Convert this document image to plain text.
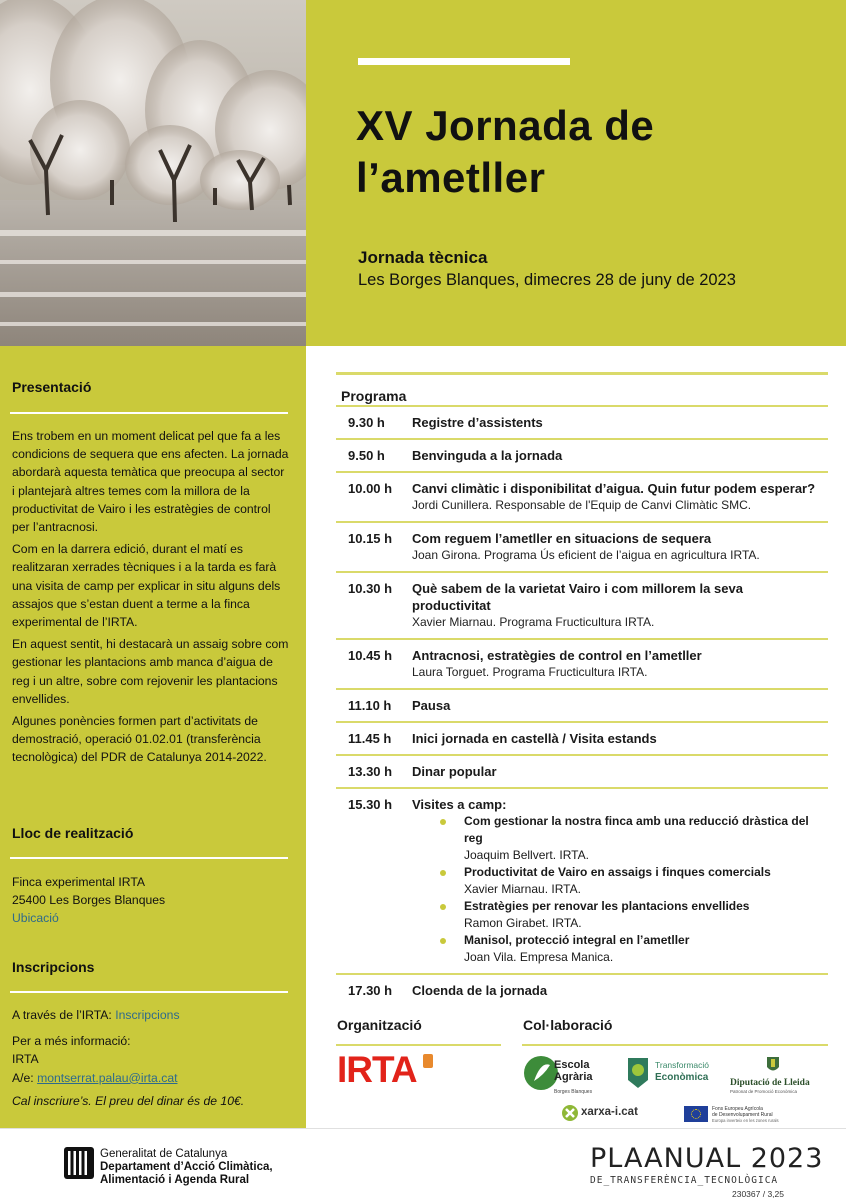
XV Jornada de
l’ametller
Jornada tècnica
Les Borges Blanques, dimecres 28 de juny de 2023
Presentació

Ens trobem en un moment delicat pel que fa a les condicions de sequera que ens afecten. La jornada abordarà aquesta temàtica que preocupa al sector i plantejarà altres temes com la millora de la productivitat de Vairo i les estratègies de control per l’antracnosi.

Com en la darrera edició, durant el matí es realitzaran xerrades tècniques i a la tarda es farà una visita de camp per explicar in situ alguns dels assajos que s’estan duent a terme a la finca experimental de l’IRTA.

En aquest sentit, hi destacarà un assaig sobre com gestionar les plantacions amb manca d’aigua de reg i un altre, sobre com rejovenir les plantacions envellides.

Algunes ponències formen part d’activitats de demostració, operació 01.02.01 (transferència tecnològica) del PDR de Catalunya 2014-2022.

Lloc de realització
Finca experimental IRTA
25400 Les Borges Blanques
Ubicació
Inscripcions
A través de l’IRTA: Inscripcions
Per a més informació:
IRTA
A/e: montserrat.palau@irta.cat
Cal inscriure’s. El preu del dinar és de 10€.
Programa
9.30 h Registre d’assistents
9.50 h Benvinguda a la jornada
10.00 h Canvi climàtic i disponibilitat d’aigua. Quin futur podem esperar?
Jordi Cunillera. Responsable de l'Equip de Canvi Climàtic SMC.
10.15 h Com reguem l’ametller en situacions de sequera
Joan Girona. Programa Ús eficient de l’aigua en agricultura IRTA.
10.30 h Què sabem de la varietat Vairo i com millorem la seva productivitat
Xavier Miarnau. Programa Fructicultura IRTA.
10.45 h Antracnosi, estratègies de control en l’ametller
Laura Torguet. Programa Fructicultura IRTA.
11.10 h Pausa
11.45 h Inici jornada en castellà / Visita estands
13.30 h Dinar popular
15.30 h Visites a camp:
Com gestionar la nostra finca amb una reducció dràstica del reg
Joaquim Bellvert. IRTA.
Productivitat de Vairo en assaigs i finques comercials
Xavier Miarnau. IRTA.
Estratègies per renovar les plantacions envellides
Ramon Girabet. IRTA.
Manisol, protecció integral en l’ametller
Joan Vila. Empresa Manica.
17.30 h Cloenda de la jornada
Organització	Col·laboració
IRTA	Escola Agrària
Borges Blanques
Transformació
Econòmica Diputació de Lleida
Patronat de Promoció Econòmica
xarxa-i.cat	Fons Europeu Agrícola
de Desenvolupament Rural
Europa inverteix en les zones rurals
Generalitat de Catalunya
Departament d’Acció Climàtica,
Alimentació i Agenda Rural
PLAANUAL 2023
DE_TRANSFERÈNCIA_TECNOLÒGICA
230367 / 3,25
